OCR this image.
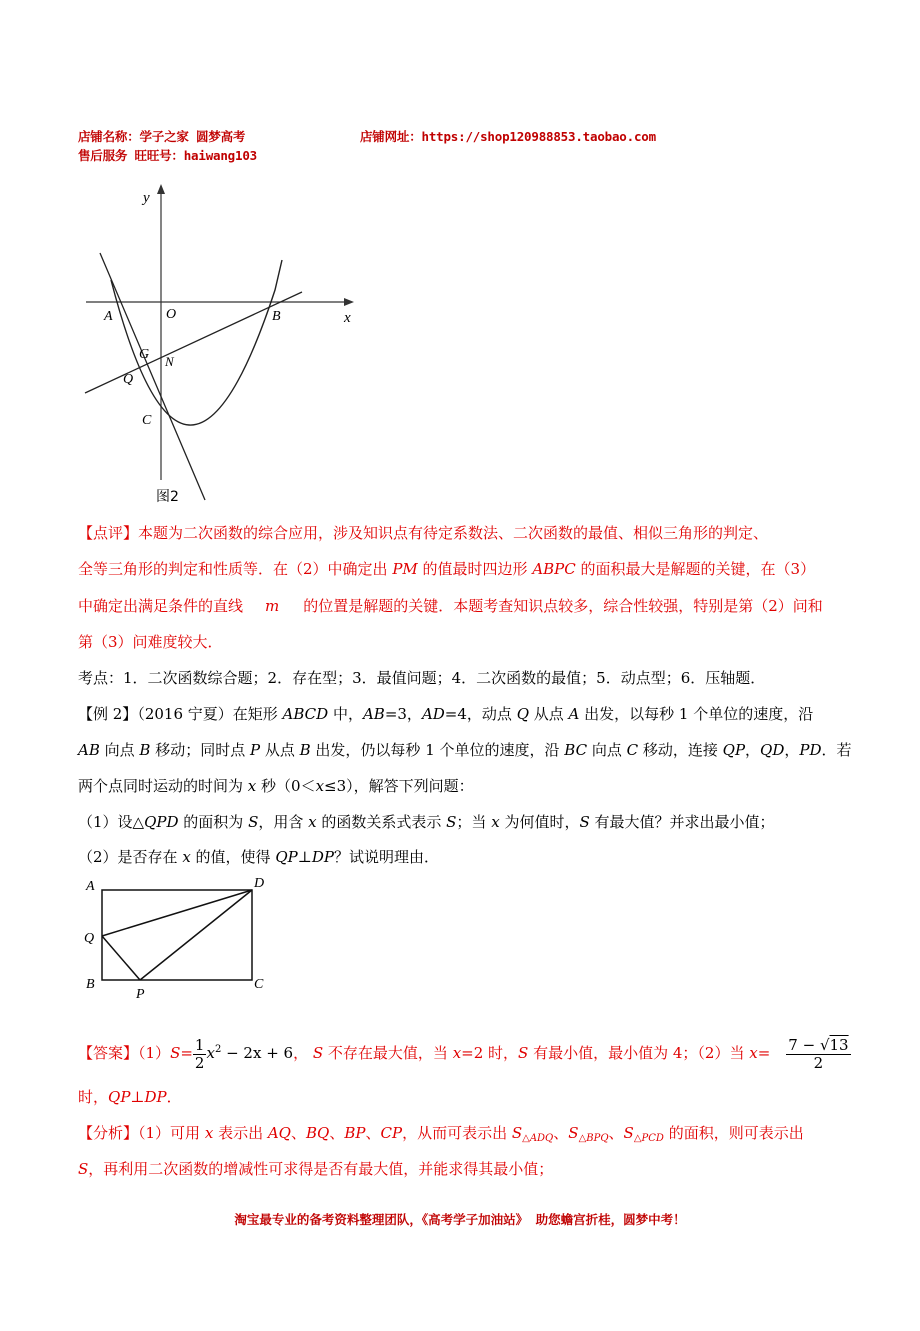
店铺名称：学子之家 圆梦高考	店铺网址：https://shop120988853.taobao.com
售后服务 旺旺号：haiwang103
y
x
O
A	B
G N
Q
C
图2
【点评】本题为二次函数的综合应用，涉及知识点有待定系数法、二次函数的最值、相似三角形的判定、
全等三角形的判定和性质等．在（2）中确定出 PM 的值最时四边形 ABPC 的面积最大是解题的关键，在（3）
中确定出满足条件的直线 m 的位置是解题的关键．本题考查知识点较多，综合性较强，特别是第（2）问和
第（3）问难度较大．
考点：1．二次函数综合题；2．存在型；3．最值问题；4．二次函数的最值；5．动点型；6．压轴题．
【例 2】（2016 宁夏）在矩形 ABCD 中，AB=3，AD=4，动点 Q 从点 A 出发，以每秒 1 个单位的速度，沿
AB 向点 B 移动；同时点 P 从点 B 出发，仍以每秒 1 个单位的速度，沿 BC 向点 C 移动，连接 QP，QD，PD．若
两个点同时运动的时间为 x 秒（0＜x≤3），解答下列问题：
（1）设△QPD 的面积为 S，用含 x 的函数关系式表示 S；当 x 为何值时，S 有最大值？并求出最小值；
（2）是否存在 x 的值，使得 QP⊥DP？试说明理由．
A	D
Q
B
P
C
【答案】$(1)S= \frac{1}{2} x^2 - 2x + 6$， S 不存在最大值，当 x=2 时，S 有最小值，最小值为 4；（2）当 $x= \frac{7 - √13}{2}$
时，QP⊥DP．
【分析】（1）可用 x 表示出 AQ、BQ、BP、CP，从而可表示出 $S_{\triangle ADQ}$、$S_{\triangle BPQ}$、$S_{\triangle PCD}$ 的面积，则可表示出
S，再利用二次函数的增减性可求得是否有最大值，并能求得其最小值；
淘宝最专业的备考资料整理团队，《高考学子加油站》 助您蟾宫折桂，圆梦中考！
